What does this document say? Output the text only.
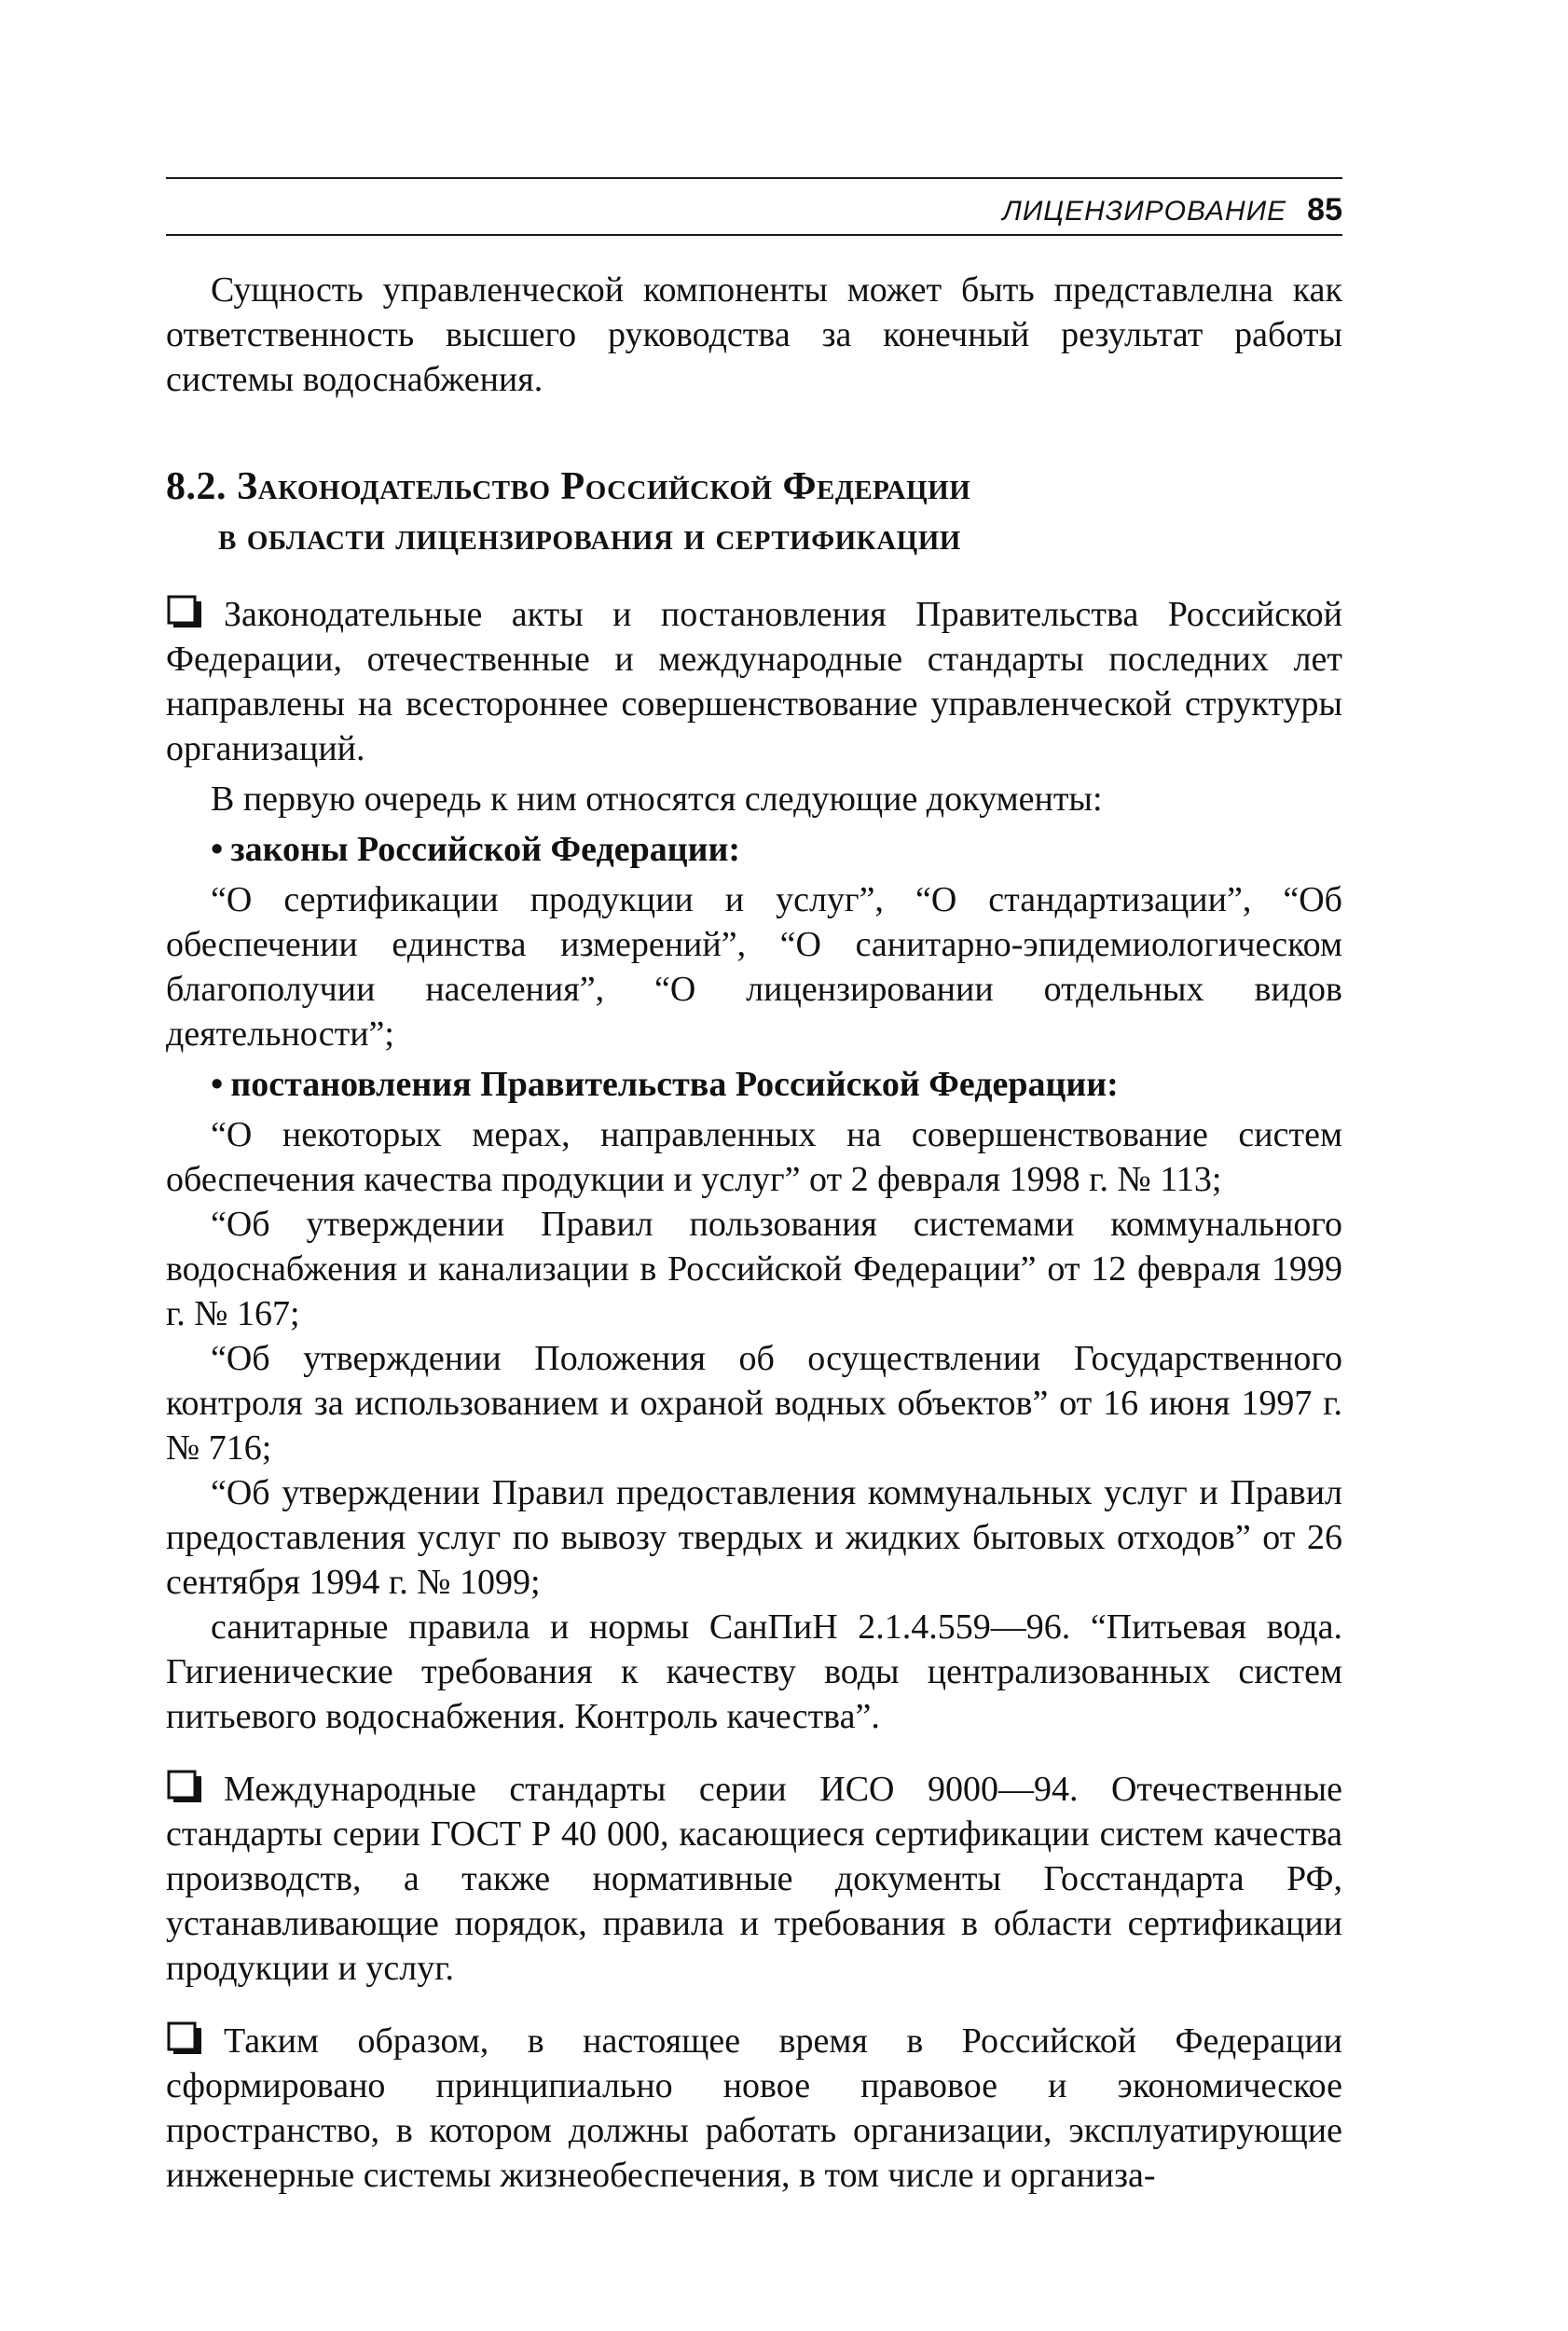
ЛИЦЕНЗИРОВАНИЕ 85

Сущность управленческой компоненты может быть представлелна как ответственность высшего руководства за конечный результат работы системы водоснабжения.

8.2. Законодательство Российской Федерации
в области лицензирования и сертификации

Законодательные акты и постановления Правительства Российской Федерации, отечественные и международные стандарты последних лет направлены на всестороннее совершенствование управленческой структуры организаций.

В первую очередь к ним относятся следующие документы:

• законы Российской Федерации:

“О сертификации продукции и услуг”, “О стандартизации”, “Об обеспечении единства измерений”, “О санитарно-эпидемиологическом благополучии населения”, “О лицензировании отдельных видов деятельности”;

• постановления Правительства Российской Федерации:

“О некоторых мерах, направленных на совершенствование систем обеспечения качества продукции и услуг” от 2 февраля 1998 г. № 113;

“Об утверждении Правил пользования системами коммунального водоснабжения и канализации в Российской Федерации” от 12 февраля 1999 г. № 167;

“Об утверждении Положения об осуществлении Государственного контроля за использованием и охраной водных объектов” от 16 июня 1997 г. № 716;

“Об утверждении Правил предоставления коммунальных услуг и Правил предоставления услуг по вывозу твердых и жидких бытовых отходов” от 26 сентября 1994 г. № 1099;

санитарные правила и нормы СанПиН 2.1.4.559—96. “Питьевая вода. Гигиенические требования к качеству воды централизованных систем питьевого водоснабжения. Контроль качества”.

Международные стандарты серии ИСО 9000—94. Отечественные стандарты серии ГОСТ Р 40 000, касающиеся сертификации систем качества производств, а также нормативные документы Госстандарта РФ, устанавливающие порядок, правила и требования в области сертификации продукции и услуг.

Таким образом, в настоящее время в Российской Федерации сформировано принципиально новое правовое и экономическое пространство, в котором должны работать организации, эксплуатирующие инженерные системы жизнеобеспечения, в том числе и организа-
